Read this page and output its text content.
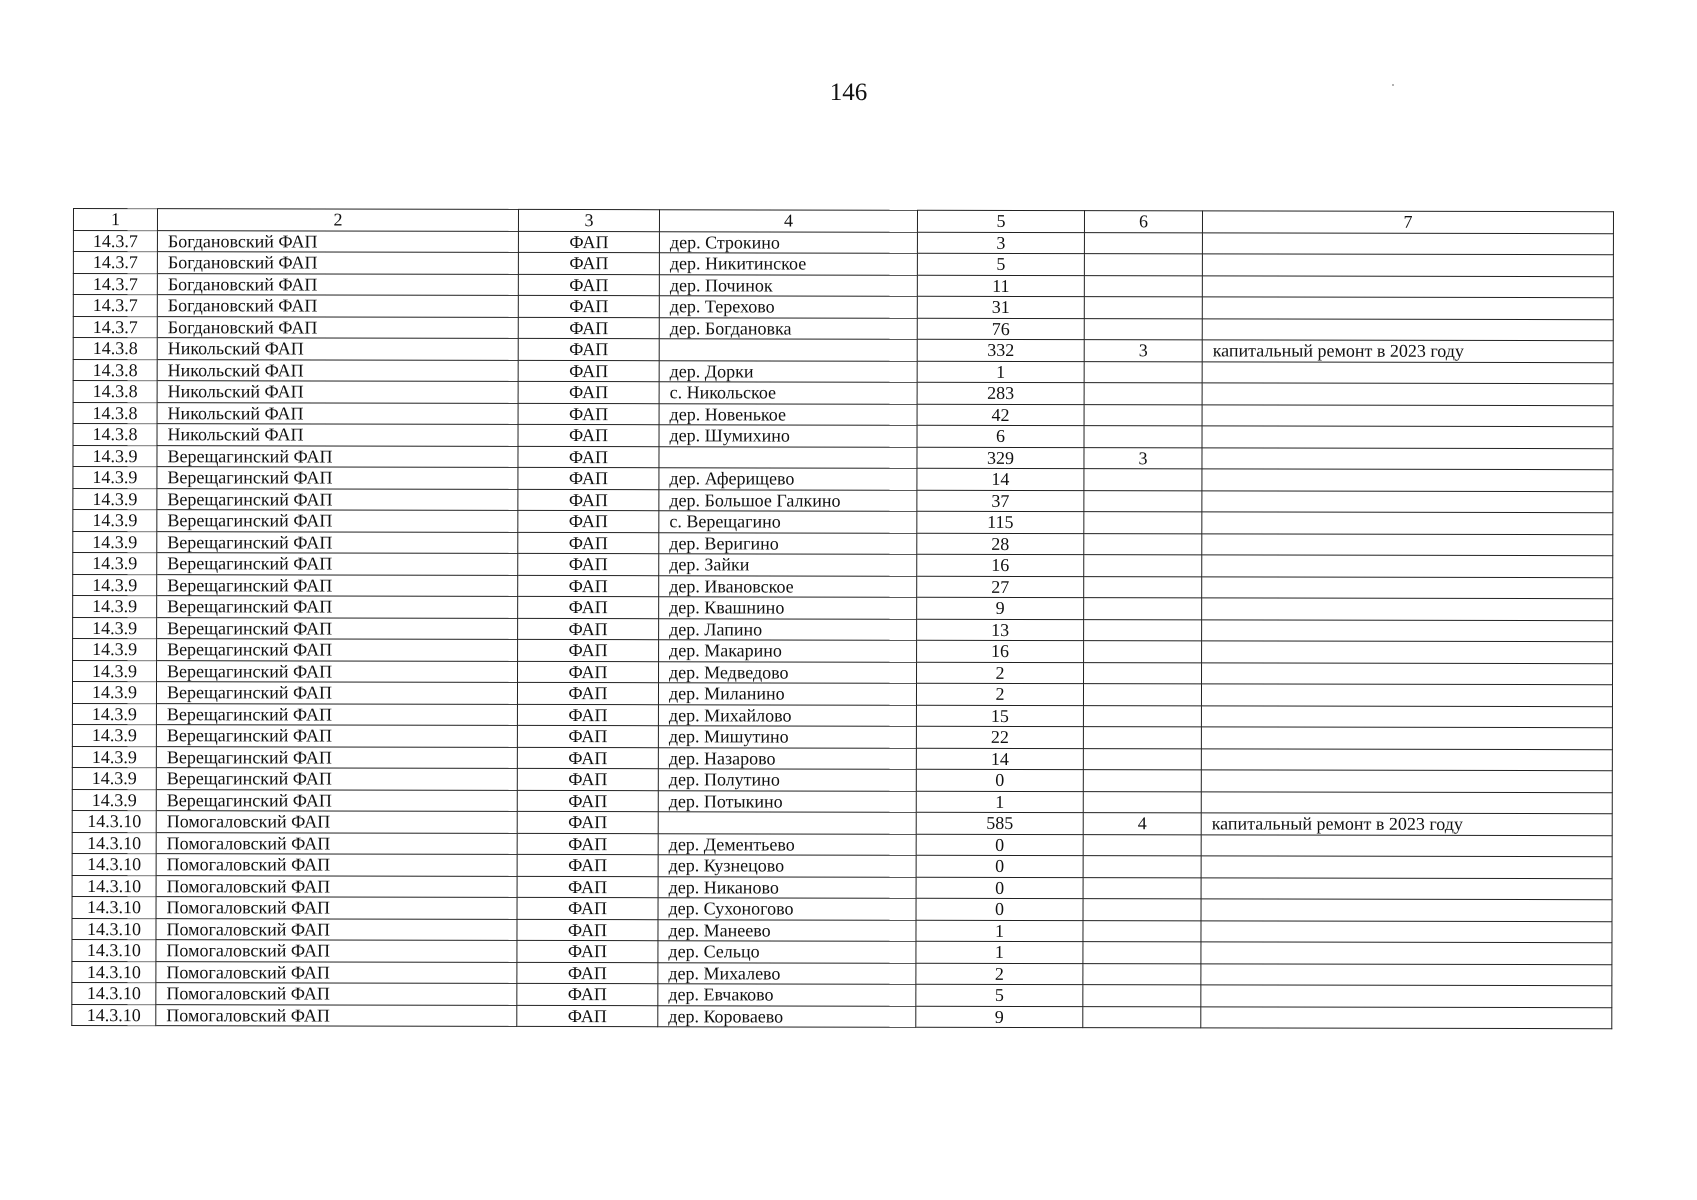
146
1	2	3	4	5	6	7
14.3.7	Богдановский ФАП	ФАП	дер. Строкино	3		
14.3.7	Богдановский ФАП	ФАП	дер. Никитинское	5		
14.3.7	Богдановский ФАП	ФАП	дер. Починок	11		
14.3.7	Богдановский ФАП	ФАП	дер. Терехово	31		
14.3.7	Богдановский ФАП	ФАП	дер. Богдановка	76		
14.3.8	Никольский ФАП	ФАП		332	3	капитальный ремонт в 2023 году
14.3.8	Никольский ФАП	ФАП	дер. Дорки	1		
14.3.8	Никольский ФАП	ФАП	с. Никольское	283		
14.3.8	Никольский ФАП	ФАП	дер. Новенькое	42		
14.3.8	Никольский ФАП	ФАП	дер. Шумихино	6		
14.3.9	Верещагинский ФАП	ФАП		329	3	
14.3.9	Верещагинский ФАП	ФАП	дер. Аферищево	14		
14.3.9	Верещагинский ФАП	ФАП	дер. Большое Галкино	37		
14.3.9	Верещагинский ФАП	ФАП	с. Верещагино	115		
14.3.9	Верещагинский ФАП	ФАП	дер. Веригино	28		
14.3.9	Верещагинский ФАП	ФАП	дер. Зайки	16		
14.3.9	Верещагинский ФАП	ФАП	дер. Ивановское	27		
14.3.9	Верещагинский ФАП	ФАП	дер. Квашнино	9		
14.3.9	Верещагинский ФАП	ФАП	дер. Лапино	13		
14.3.9	Верещагинский ФАП	ФАП	дер. Макарино	16		
14.3.9	Верещагинский ФАП	ФАП	дер. Медведово	2		
14.3.9	Верещагинский ФАП	ФАП	дер. Миланино	2		
14.3.9	Верещагинский ФАП	ФАП	дер. Михайлово	15		
14.3.9	Верещагинский ФАП	ФАП	дер. Мишутино	22		
14.3.9	Верещагинский ФАП	ФАП	дер. Назарово	14		
14.3.9	Верещагинский ФАП	ФАП	дер. Полутино	0		
14.3.9	Верещагинский ФАП	ФАП	дер. Потыкино	1		
14.3.10	Помогаловский ФАП	ФАП		585	4	капитальный ремонт в 2023 году
14.3.10	Помогаловский ФАП	ФАП	дер. Дементьево	0		
14.3.10	Помогаловский ФАП	ФАП	дер. Кузнецово	0		
14.3.10	Помогаловский ФАП	ФАП	дер. Никаново	0		
14.3.10	Помогаловский ФАП	ФАП	дер. Сухоногово	0		
14.3.10	Помогаловский ФАП	ФАП	дер. Манеево	1		
14.3.10	Помогаловский ФАП	ФАП	дер. Сельцо	1		
14.3.10	Помогаловский ФАП	ФАП	дер. Михалево	2		
14.3.10	Помогаловский ФАП	ФАП	дер. Евчаково	5		
14.3.10	Помогаловский ФАП	ФАП	дер. Короваево	9		
